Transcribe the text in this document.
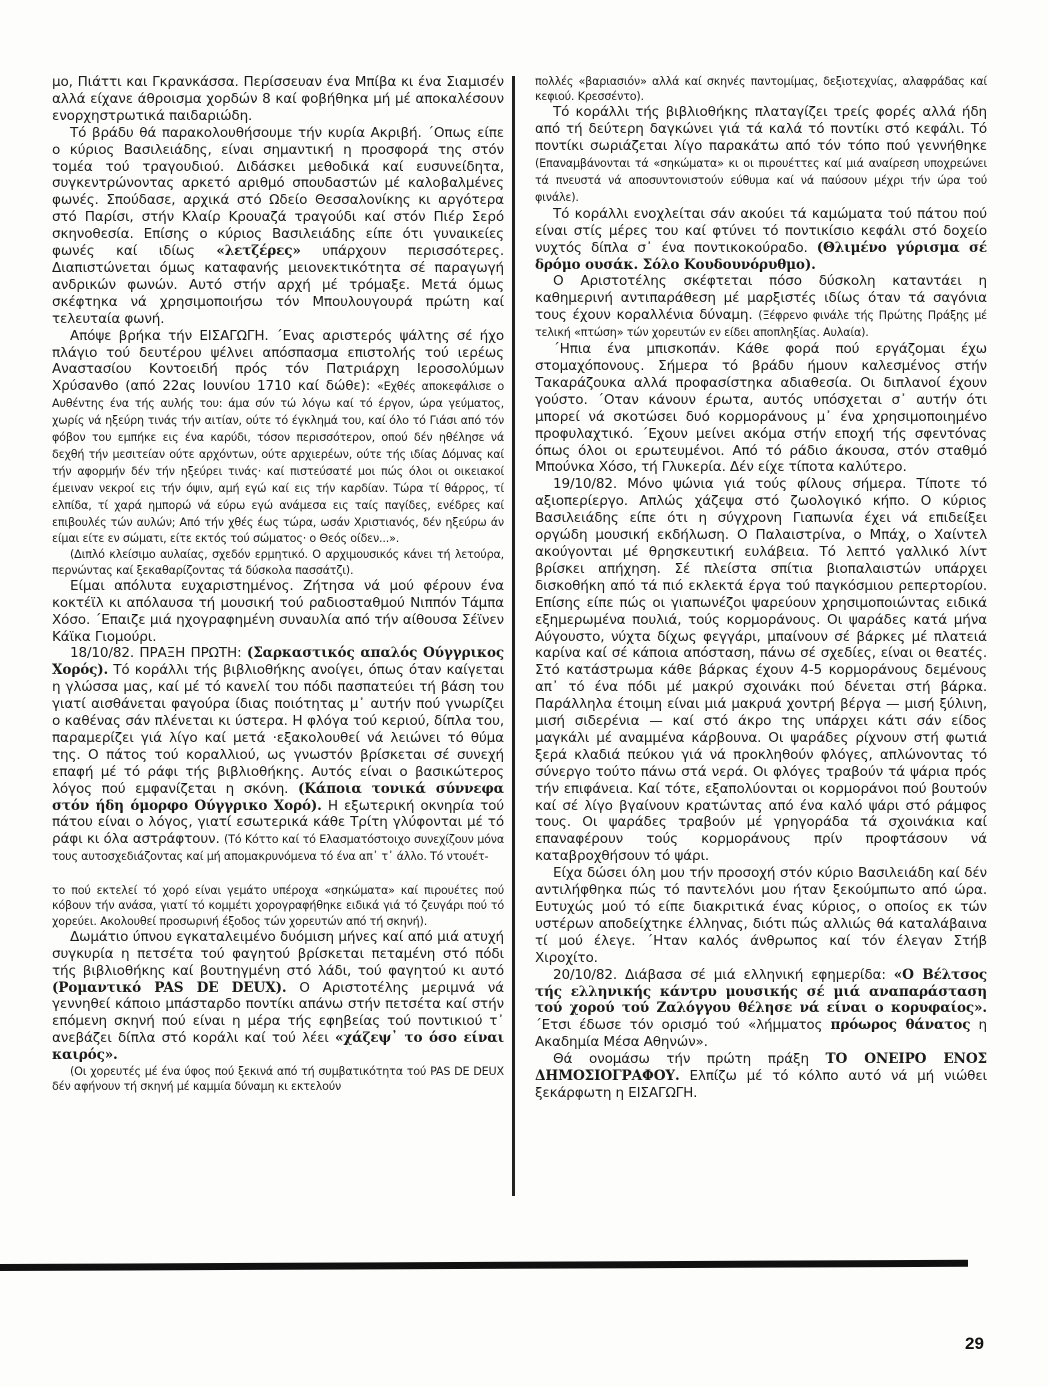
μο, Πιάττι και Γκρανκάσσα. Περίσσευαν ένα Μπίβα κι ένα Σιαμισέν αλλά είχανε άθροισμα χορδών 8 καί φοβήθηκα μή μέ αποκαλέσουν ενορχηστρωτικά παιδαριώδη.

Τό βράδυ θά παρακολουθήσουμε τήν κυρία Ακριβή. ΄Οπως είπε ο κύριος Βασιλειάδης, είναι σημαντική η προσφορά της στόν τομέα τού τραγουδιού. Διδάσκει μεθοδικά καί ευσυνείδητα, συγκεντρώνοντας αρκετό αριθμό σπουδαστών μέ καλοβαλμένες φωνές. Σπούδασε, αρχικά στό Ωδείο Θεσσαλονίκης κι αργότερα στό Παρίσι, στήν Κλαίρ Κρουαζά τραγούδι καί στόν Πιέρ Σερό σκηνοθεσία. Επίσης ο κύριος Βασιλειάδης είπε ότι γυναικείες φωνές καί ιδίως «λετζέρες» υπάρχουν περισσότερες. Διαπιστώνεται όμως καταφανής μειονεκτικότητα σέ παραγωγή ανδρικών φωνών. Αυτό στήν αρχή μέ τρόμαξε. Μετά όμως σκέφτηκα νά χρησιμοποιήσω τόν Μπουλουγουρά πρώτη καί τελευταία φωνή.

Απόψε βρήκα τήν ΕΙΣΑΓΩΓΗ. ΄Ενας αριστερός ψάλτης σέ ήχο πλάγιο τού δευτέρου ψέλνει απόσπασμα επιστολής τού ιερέως Αναστασίου Κοντοειδή πρός τόν Πατριάρχη Ιεροσολύμων Χρύσανθο (από 22ας Ιουνίου 1710 καί δώθε): «Εχθές αποκεφάλισε ο Αυθέντης ένα τής αυλής του: άμα σύν τώ λόγω καί τό έργον, ώρα γεύματος, χωρίς νά ηξεύρη τινάς τήν αιτίαν, ούτε τό έγκλημά του, καί όλο τό Γιάσι από τόν φόβον του εμπήκε εις ένα καρύδι, τόσον περισσότερον, οπού δέν ηθέλησε νά δεχθή τήν μεσιτείαν ούτε αρχόντων, ούτε αρχιερέων, ούτε τής ιδίας Δόμνας καί τήν αφορμήν δέν τήν ηξεύρει τινάς· καί πιστεύσατέ μοι πώς όλοι οι οικειακοί έμειναν νεκροί εις τήν όψιν, αμή εγώ καί εις τήν καρδίαν. Τώρα τί θάρρος, τί ελπίδα, τί χαρά ημπορώ νά εύρω εγώ ανάμεσα εις ταίς παγίδες, ενέδρες καί επιβουλές τών αυλών; Από τήν χθές έως τώρα, ωσάν Χριστιανός, δέν ηξεύρω άν είμαι είτε εν σώματι, είτε εκτός τού σώματος· ο Θεός οίδεν...».

(Διπλό κλείσιμο αυλαίας, σχεδόν ερμητικό. Ο αρχιμουσικός κάνει τή λετούρα, περνώντας καί ξεκαθαρίζοντας τά δύσκολα πασσάτζι).

Είμαι απόλυτα ευχαριστημένος. Ζήτησα νά μού φέρουν ένα κοκτέϊλ κι απόλαυσα τή μουσική τού ραδιοσταθμού Νιππόν Τάμπα Χόσο. ΄Επαιζε μιά ηχογραφημένη συναυλία από τήν αίθουσα Σέϊνεν Κάϊκα Γιομούρι.

18/10/82. ΠΡΑΞΗ ΠΡΩΤΗ: (Σαρκαστικός απαλός Ούγγρικος Χορός). Τό κοράλλι τής βιβλιοθήκης ανοίγει, όπως όταν καίγεται η γλώσσα μας, καί μέ τό κανελί του πόδι πασπατεύει τή βάση του γιατί αισθάνεται φαγούρα ίδιας ποιότητας μ᾽ αυτήν πού γνωρίζει ο καθένας σάν πλένεται κι ύστερα. Η φλόγα τού κεριού, δίπλα του, παραμερίζει γιά λίγο καί μετά ·εξακολουθεί νά λειώνει τό θύμα της. Ο πάτος τού κοραλλιού, ως γνωστόν βρίσκεται σέ συνεχή επαφή μέ τό ράφι τής βιβλιοθήκης. Αυτός είναι ο βασικώτερος λόγος πού εμφανίζεται η σκόνη. (Κάποια τονικά σύννεφα στόν ήδη όμορφο Ούγγρικο Χορό). Η εξωτερική οκνηρία τού πάτου είναι ο λόγος, γιατί εσωτερικά κάθε Τρίτη γλύφονται μέ τό ράφι κι όλα αστράφτουν. (Τό Κόττο καί τό Ελασματόστοιχο συνεχίζουν μόνα τους αυτοσχεδιάζοντας καί μή απομακρυνόμενα τό ένα απ᾽ τ᾽ άλλο. Τό ντουέτ-

το πού εκτελεί τό χορό είναι γεμάτο υπέροχα «σηκώματα» καί πιρουέτες πού κόβουν τήν ανάσα, γιατί τό κομμέτι χορογραφήθηκε ειδικά γιά τό ζευγάρι πού τό χορεύει. Ακολουθεί προσωρινή έξοδος τών χορευτών από τή σκηνή).

Δωμάτιο ύπνου εγκαταλειμένο δυόμιση μήνες καί από μιά ατυχή συγκυρία η πετσέτα τού φαγητού βρίσκεται πεταμένη στό πόδι τής βιβλιοθήκης καί βουτηγμένη στό λάδι, τού φαγητού κι αυτό (Ρομαντικό PAS DE DEUX). Ο Αριστοτέλης μεριμνά νά γεννηθεί κάποιο μπάσταρδο ποντίκι απάνω στήν πετσέτα καί στήν επόμενη σκηνή πού είναι η μέρα τής εφηβείας τού ποντικιού τ᾽ ανεβάζει δίπλα στό κοράλι καί τού λέει «χάζεψ᾽ το όσο είναι καιρός».

(Οι χορευτές μέ ένα ύφος πού ξεκινά από τή συμβατικότητα τού PAS DE DEUX δέν αφήνουν τή σκηνή μέ καμμία δύναμη κι εκτελούν

πολλές «βαριασιόν» αλλά καί σκηνές παντομίμας, δεξιοτεχνίας, αλαφράδας καί κεφιού. Κρεσσέντο).

Τό κοράλλι τής βιβλιοθήκης πλαταγίζει τρείς φορές αλλά ήδη από τή δεύτερη δαγκώνει γιά τά καλά τό ποντίκι στό κεφάλι. Τό ποντίκι σωριάζεται λίγο παρακάτω από τόν τόπο πού γεννήθηκε (Επαναμβάνονται τά «σηκώματα» κι οι πιρουέττες καί μιά αναίρεση υποχρεώνει τά πνευστά νά αποσυντονιστούν εύθυμα καί νά παύσουν μέχρι τήν ώρα τού φινάλε).

Τό κοράλλι ενοχλείται σάν ακούει τά καμώματα τού πάτου πού είναι στίς μέρες του καί φτύνει τό ποντικίσιο κεφάλι στό δοχείο νυχτός δίπλα σ᾽ ένα ποντικοκούραδο. (Θλιμένο γύρισμα σέ δρόμο ουσάκ. Σόλο Κουδουνόρυθμο).

Ο Αριστοτέλης σκέφτεται πόσο δύσκολη καταντάει η καθημερινή αντιπαράθεση μέ μαρξιστές ιδίως όταν τά σαγόνια τους έχουν κοραλλένια δύναμη. (Ξέφρενο φινάλε τής Πρώτης Πράξης μέ τελική «πτώση» τών χορευτών εν είδει αποπληξίας. Αυλαία).

΄Ηπια ένα μπισκοπάν. Κάθε φορά πού εργάζομαι έχω στομαχόπονους. Σήμερα τό βράδυ ήμουν καλεσμένος στήν Τακαράζουκα αλλά προφασίστηκα αδιαθεσία. Οι διπλανοί έχουν γούστο. ΄Οταν κάνουν έρωτα, αυτός υπόσχεται σ᾽ αυτήν ότι μπορεί νά σκοτώσει δυό κορμοράνους μ᾽ ένα χρησιμοποιημένο προφυλαχτικό. ΄Εχουν μείνει ακόμα στήν εποχή τής σφεντόνας όπως όλοι οι ερωτευμένοι. Από τό ράδιο άκουσα, στόν σταθμό Μπούνκα Χόσο, τή Γλυκερία. Δέν είχε τίποτα καλύτερο.

19/10/82. Μόνο ψώνια γιά τούς φίλους σήμερα. Τίποτε τό αξιοπερίεργο. Απλώς χάζεψα στό ζωολογικό κήπο. Ο κύριος Βασιλειάδης είπε ότι η σύγχρονη Γιαπωνία έχει νά επιδείξει οργώδη μουσική εκδήλωση. Ο Παλαιστρίνα, ο Μπάχ, ο Χαίντελ ακούγονται μέ θρησκευτική ευλάβεια. Τό λεπτό γαλλικό λίντ βρίσκει απήχηση. Σέ πλείστα σπίτια βιοπαλαιστών υπάρχει δισκοθήκη από τά πιό εκλεκτά έργα τού παγκόσμιου ρεπερτορίου. Επίσης είπε πώς οι γιαπωνέζοι ψαρεύουν χρησιμοποιώντας ειδικά εξημερωμένα πουλιά, τούς κορμοράνους. Οι ψαράδες κατά μήνα Αύγουστο, νύχτα δίχως φεγγάρι, μπαίνουν σέ βάρκες μέ πλατειά καρίνα καί σέ κάποια απόσταση, πάνω σέ σχεδίες, είναι οι θεατές. Στό κατάστρωμα κάθε βάρκας έχουν 4-5 κορμοράνους δεμένους απ᾽ τό ένα πόδι μέ μακρύ σχοινάκι πού δένεται στή βάρκα. Παράλληλα έτοιμη είναι μιά μακρυά χοντρή βέργα — μισή ξύλινη, μισή σιδερένια — καί στό άκρο της υπάρχει κάτι σάν είδος μαγκάλι μέ αναμμένα κάρβουνα. Οι ψαράδες ρίχνουν στή φωτιά ξερά κλαδιά πεύκου γιά νά προκληθούν φλόγες, απλώνοντας τό σύνεργο τούτο πάνω στά νερά. Οι φλόγες τραβούν τά ψάρια πρός τήν επιφάνεια. Καί τότε, εξαπολύονται οι κορμοράνοι πού βουτούν καί σέ λίγο βγαίνουν κρατώντας από ένα καλό ψάρι στό ράμφος τους. Οι ψαράδες τραβούν μέ γρηγοράδα τά σχοινάκια καί επαναφέρουν τούς κορμοράνους πρίν προφτάσουν νά καταβροχθήσουν τό ψάρι.

Είχα δώσει όλη μου τήν προσοχή στόν κύριο Βασιλειάδη καί δέν αντιλήφθηκα πώς τό παντελόνι μου ήταν ξεκούμπωτο από ώρα. Ευτυχώς μού τό είπε διακριτικά ένας κύριος, ο οποίος εκ τών υστέρων αποδείχτηκε έλληνας, διότι πώς αλλιώς θά καταλάβαινα τί μού έλεγε. ΄Ηταν καλός άνθρωπος καί τόν έλεγαν Στήβ Χιροχίτο.

20/10/82. Διάβασα σέ μιά ελληνική εφημερίδα: «Ο Βέλτσος τής ελληνικής κάντρυ μουσικής σέ μιά αναπαράσταση τού χορού τού Ζαλόγγου θέλησε νά είναι ο κορυφαίος». ΄Ετσι έδωσε τόν ορισμό τού «λήμματος πρόωρος θάνατος η Ακαδημία Μέσα Αθηνών».

Θά ονομάσω τήν πρώτη πράξη ΤΟ ΟΝΕΙΡΟ ΕΝΟΣ ΔΗΜΟΣΙΟΓΡΑΦΟΥ. Ελπίζω μέ τό κόλπο αυτό νά μή νιώθει ξεκάρφωτη η ΕΙΣΑΓΩΓΗ.

29
